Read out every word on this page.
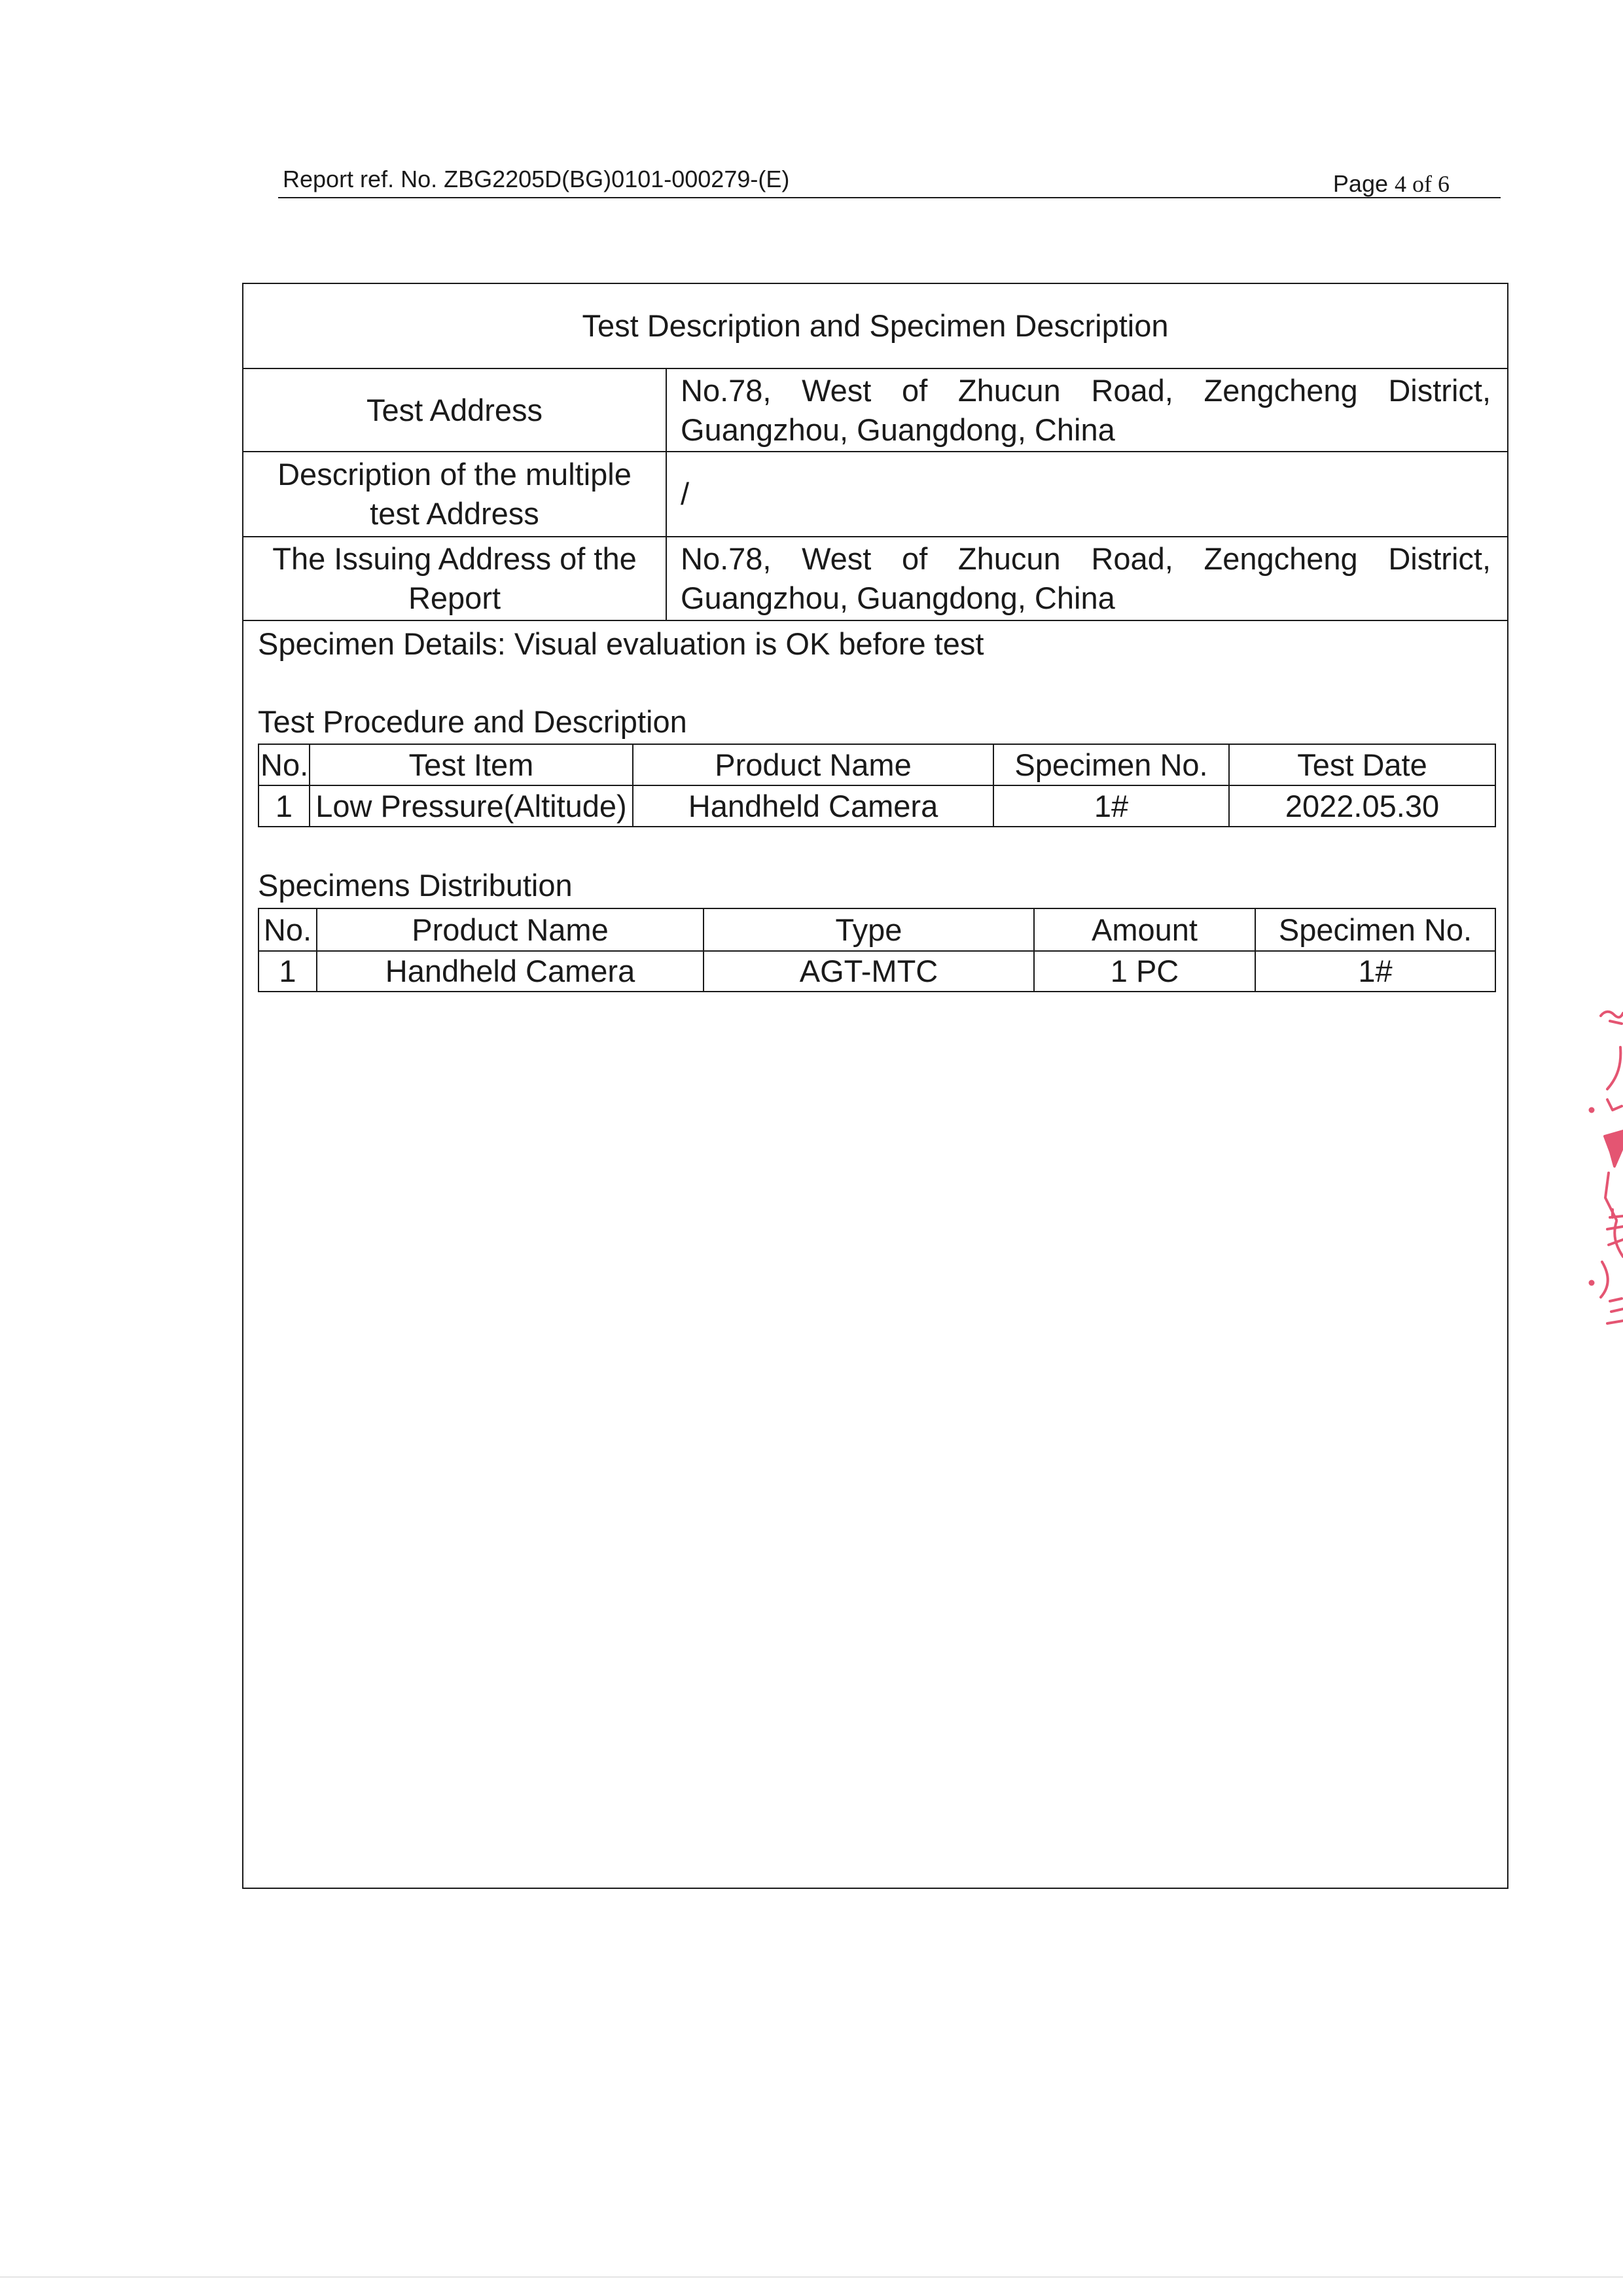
Report ref. No. ZBG2205D(BG)0101-000279-(E)	Page 4 of 6
Test Description and Specimen Description	
Test Address	No.78, West of Zhucun Road, Zengcheng District, Guangzhou, Guangdong, China
Description of the multiple test Address	/
The Issuing Address of the Report	No.78, West of Zhucun Road, Zengcheng District, Guangzhou, Guangdong, China
Specimen Details: Visual evaluation is OK before test
Test Procedure and Description
No.	Test Item	Product Name	Specimen No.	Test Date
1	Low Pressure(Altitude)	Handheld Camera	1#	2022.05.30
Specimens Distribution
No.	Product Name	Type	Amount	Specimen No.
1	Handheld Camera	AGT-MTC	1 PC	1#
